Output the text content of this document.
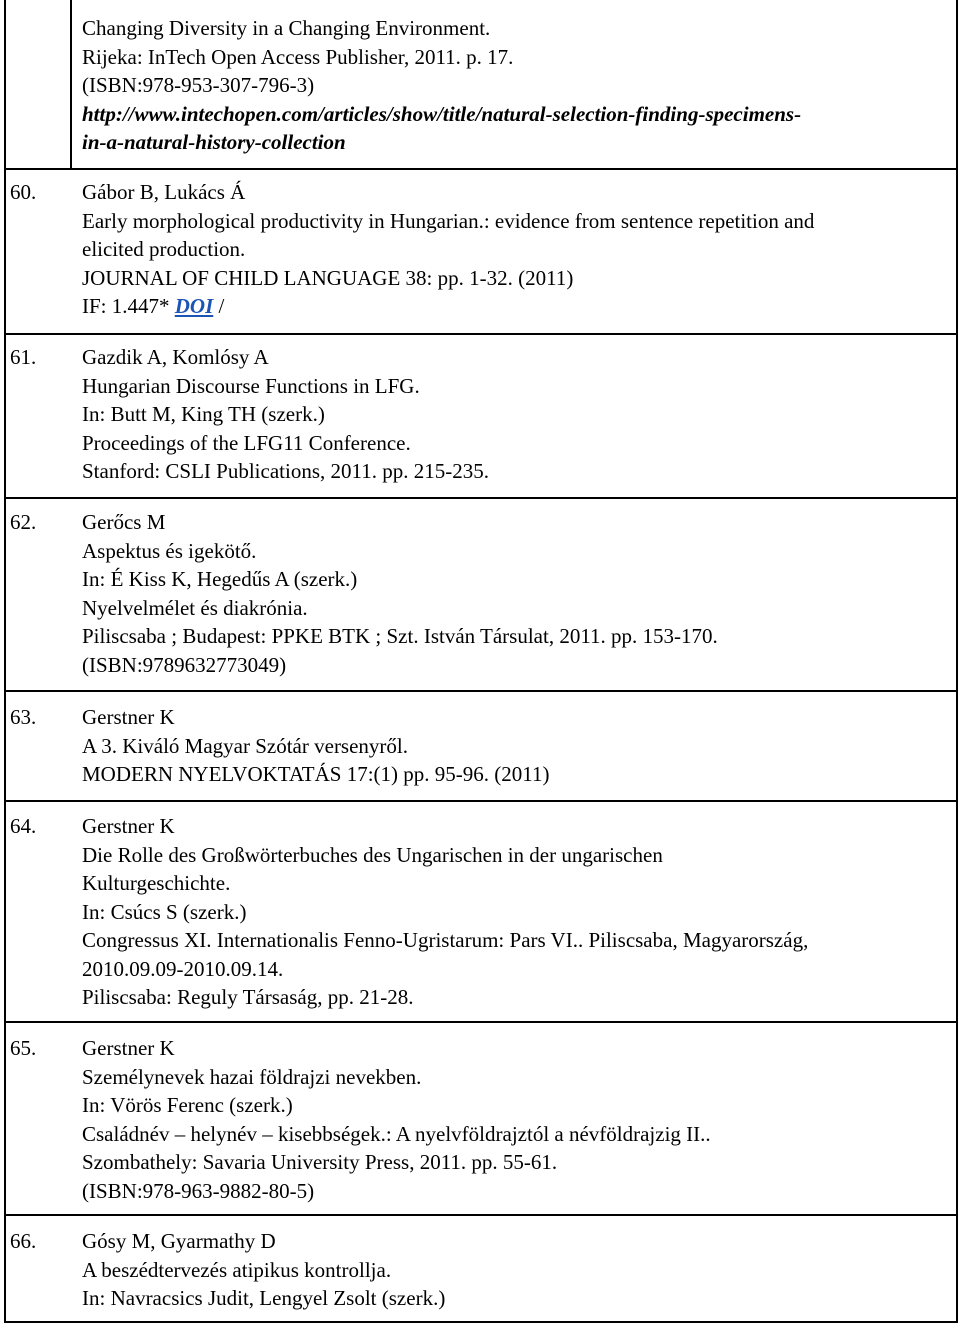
Changing Diversity in a Changing Environment.
Rijeka: InTech Open Access Publisher, 2011. p. 17.
(ISBN:978-953-307-796-3)
http://www.intechopen.com/articles/show/title/natural-selection-finding-specimens-
in-a-natural-history-collection
60. Gábor B, Lukács Á
Early morphological productivity in Hungarian.: evidence from sentence repetition and
elicited production.
JOURNAL OF CHILD LANGUAGE 38: pp. 1-32. (2011)
IF: 1.447* DOI /
61. Gazdik A, Komlósy A
Hungarian Discourse Functions in LFG.
In: Butt M, King TH (szerk.)
Proceedings of the LFG11 Conference.
Stanford: CSLI Publications, 2011. pp. 215-235.
62. Gerőcs M
Aspektus és igekötő.
In: É Kiss K, Hegedűs A (szerk.)
Nyelvelmélet és diakrónia.
Piliscsaba ; Budapest: PPKE BTK ; Szt. István Társulat, 2011. pp. 153-170.
(ISBN:9789632773049)
63. Gerstner K
A 3. Kiváló Magyar Szótár versenyről.
MODERN NYELVOKTATÁS 17:(1) pp. 95-96. (2011)
64. Gerstner K
Die Rolle des Großwörterbuches des Ungarischen in der ungarischen
Kulturgeschichte.
In: Csúcs S (szerk.)
Congressus XI. Internationalis Fenno-Ugristarum: Pars VI.. Piliscsaba, Magyarország,
2010.09.09-2010.09.14.
Piliscsaba: Reguly Társaság, pp. 21-28.
65. Gerstner K
Személynevek hazai földrajzi nevekben.
In: Vörös Ferenc (szerk.)
Családnév – helynév – kisebbségek.: A nyelvföldrajztól a névföldrajzig II..
Szombathely: Savaria University Press, 2011. pp. 55-61.
(ISBN:978-963-9882-80-5)
66. Gósy M, Gyarmathy D
A beszédtervezés atipikus kontrollja.
In: Navracsics Judit, Lengyel Zsolt (szerk.)
